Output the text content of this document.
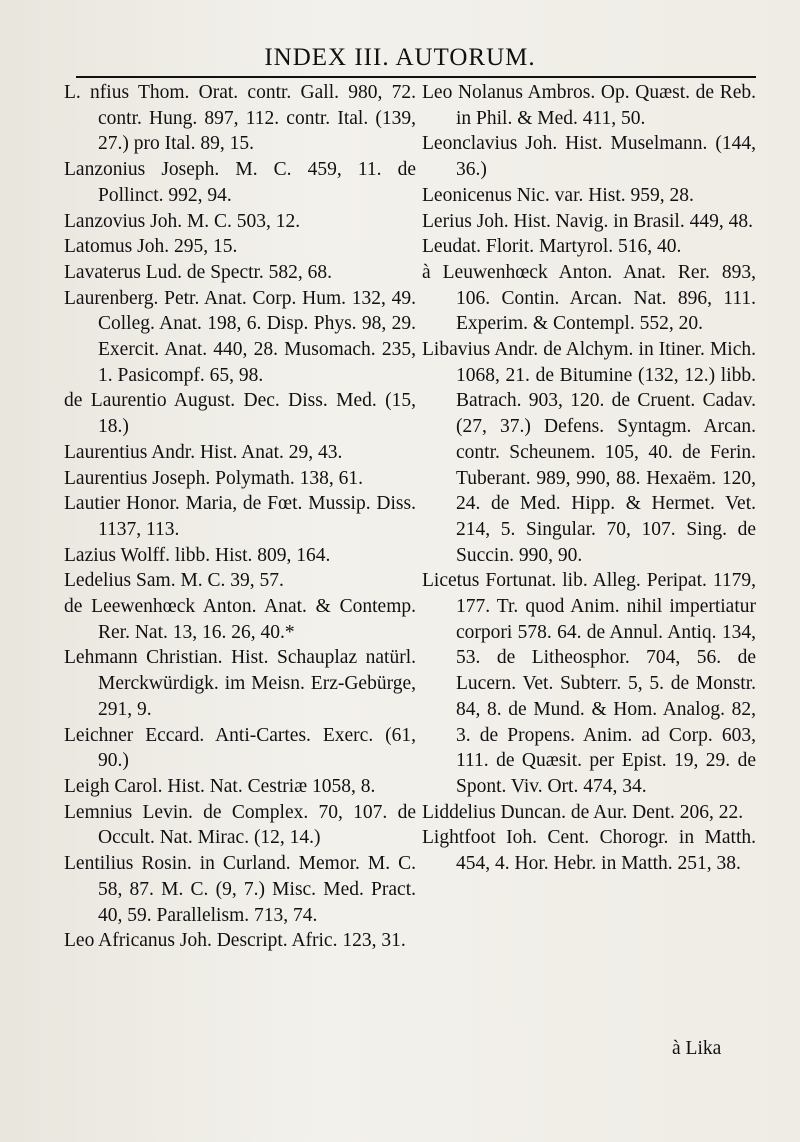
INDEX III. AUTORUM.
L. nfius Thom. Orat. contr. Gall. 980, 72. contr. Hung. 897, 112. contr. Ital. (139, 27.) pro Ital. 89, 15.
Lanzonius Joseph. M. C. 459, 11. de Pollinct. 992, 94.
Lanzovius Joh. M. C. 503, 12.
Latomus Joh. 295, 15.
Lavaterus Lud. de Spectr. 582, 68.
Laurenberg. Petr. Anat. Corp. Hum. 132, 49. Colleg. Anat. 198, 6. Disp. Phys. 98, 29. Exercit. Anat. 440, 28. Musomach. 235, 1. Pasicompf. 65, 98.
de Laurentio August. Dec. Diss. Med. (15, 18.)
Laurentius Andr. Hist. Anat. 29, 43.
Laurentius Joseph. Polymath. 138, 61.
Lautier Honor. Maria, de Fœt. Mussip. Diss. 1137, 113.
Lazius Wolff. libb. Hist. 809, 164.
Ledelius Sam. M. C. 39, 57.
de Leewenhœck Anton. Anat. & Contemp. Rer. Nat. 13, 16. 26, 40.*
Lehmann Christian. Hist. Schauplaz natürl. Merckwürdigk. im Meisn. Erz-Gebürge, 291, 9.
Leichner Eccard. Anti-Cartes. Exerc. (61, 90.)
Leigh Carol. Hist. Nat. Cestriæ 1058, 8.
Lemnius Levin. de Complex. 70, 107. de Occult. Nat. Mirac. (12, 14.)
Lentilius Rosin. in Curland. Memor. M. C. 58, 87. M. C. (9, 7.) Misc. Med. Pract. 40, 59. Parallelism. 713, 74.
Leo Africanus Joh. Descript. Afric. 123, 31.
Leo Nolanus Ambros. Op. Quæst. de Reb. in Phil. & Med. 411, 50.
Leonclavius Joh. Hist. Muselmann. (144, 36.)
Leonicenus Nic. var. Hist. 959, 28.
Lerius Joh. Hist. Navig. in Brasil. 449, 48.
Leudat. Florit. Martyrol. 516, 40.
à Leuwenhœck Anton. Anat. Rer. 893, 106. Contin. Arcan. Nat. 896, 111. Experim. & Contempl. 552, 20.
Libavius Andr. de Alchym. in Itiner. Mich. 1068, 21. de Bitumine (132, 12.) libb. Batrach. 903, 120. de Cruent. Cadav. (27, 37.) Defens. Syntagm. Arcan. contr. Scheunem. 105, 40. de Ferin. Tuberant. 989, 990, 88. Hexaëm. 120, 24. de Med. Hipp. & Hermet. Vet. 214, 5. Singular. 70, 107. Sing. de Succin. 990, 90.
Licetus Fortunat. lib. Alleg. Peripat. 1179, 177. Tr. quod Anim. nihil impertiatur corpori 578. 64. de Annul. Antiq. 134, 53. de Litheosphor. 704, 56. de Lucern. Vet. Subterr. 5, 5. de Monstr. 84, 8. de Mund. & Hom. Analog. 82, 3. de Propens. Anim. ad Corp. 603, 111. de Quæsit. per Epist. 19, 29. de Spont. Viv. Ort. 474, 34.
Liddelius Duncan. de Aur. Dent. 206, 22.
Lightfoot Ioh. Cent. Chorogr. in Matth. 454, 4. Hor. Hebr. in Matth. 251, 38.
à Lika
